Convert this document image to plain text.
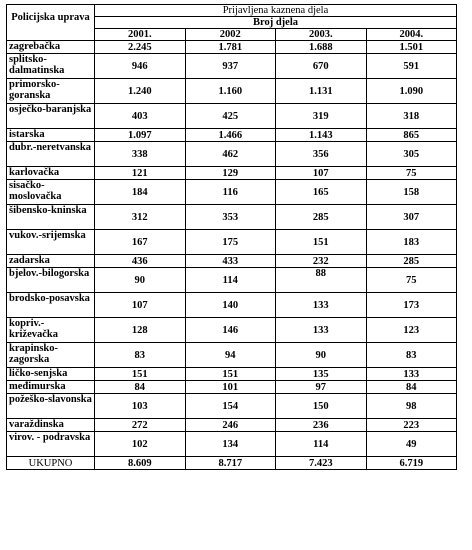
Policijska uprava	Prijavljena kaznena djela			
	Broj djela			
	2001.	2002	2003.	2004.
zagrebačka	2.245	1.781	1.688	1.501
splitsko-dalmatinska	946	937	670	591
primorsko-goranska	1.240	1.160	1.131	1.090
osječko-baranjska	403	425	319	318
istarska	1.097	1.466	1.143	865
dubr.-neretvanska	338	462	356	305
karlovačka	121	129	107	75
sisačko-moslovačka	184	116	165	158
šibensko-kninska	312	353	285	307
vukov.-srijemska	167	175	151	183
zadarska	436	433	232	285
bjelov.-bilogorska	90	114	88	75
brodsko-posavska	107	140	133	173
kopriv.-križevačka	128	146	133	123
krapinsko-zagorska	83	94	90	83
ličko-senjska	151	151	135	133
međimurska	84	101	97	84
požeško-slavonska	103	154	150	98
varaždinska	272	246	236	223
virov. - podravska	102	134	114	49
UKUPNO	8.609	8.717	7.423	6.719
